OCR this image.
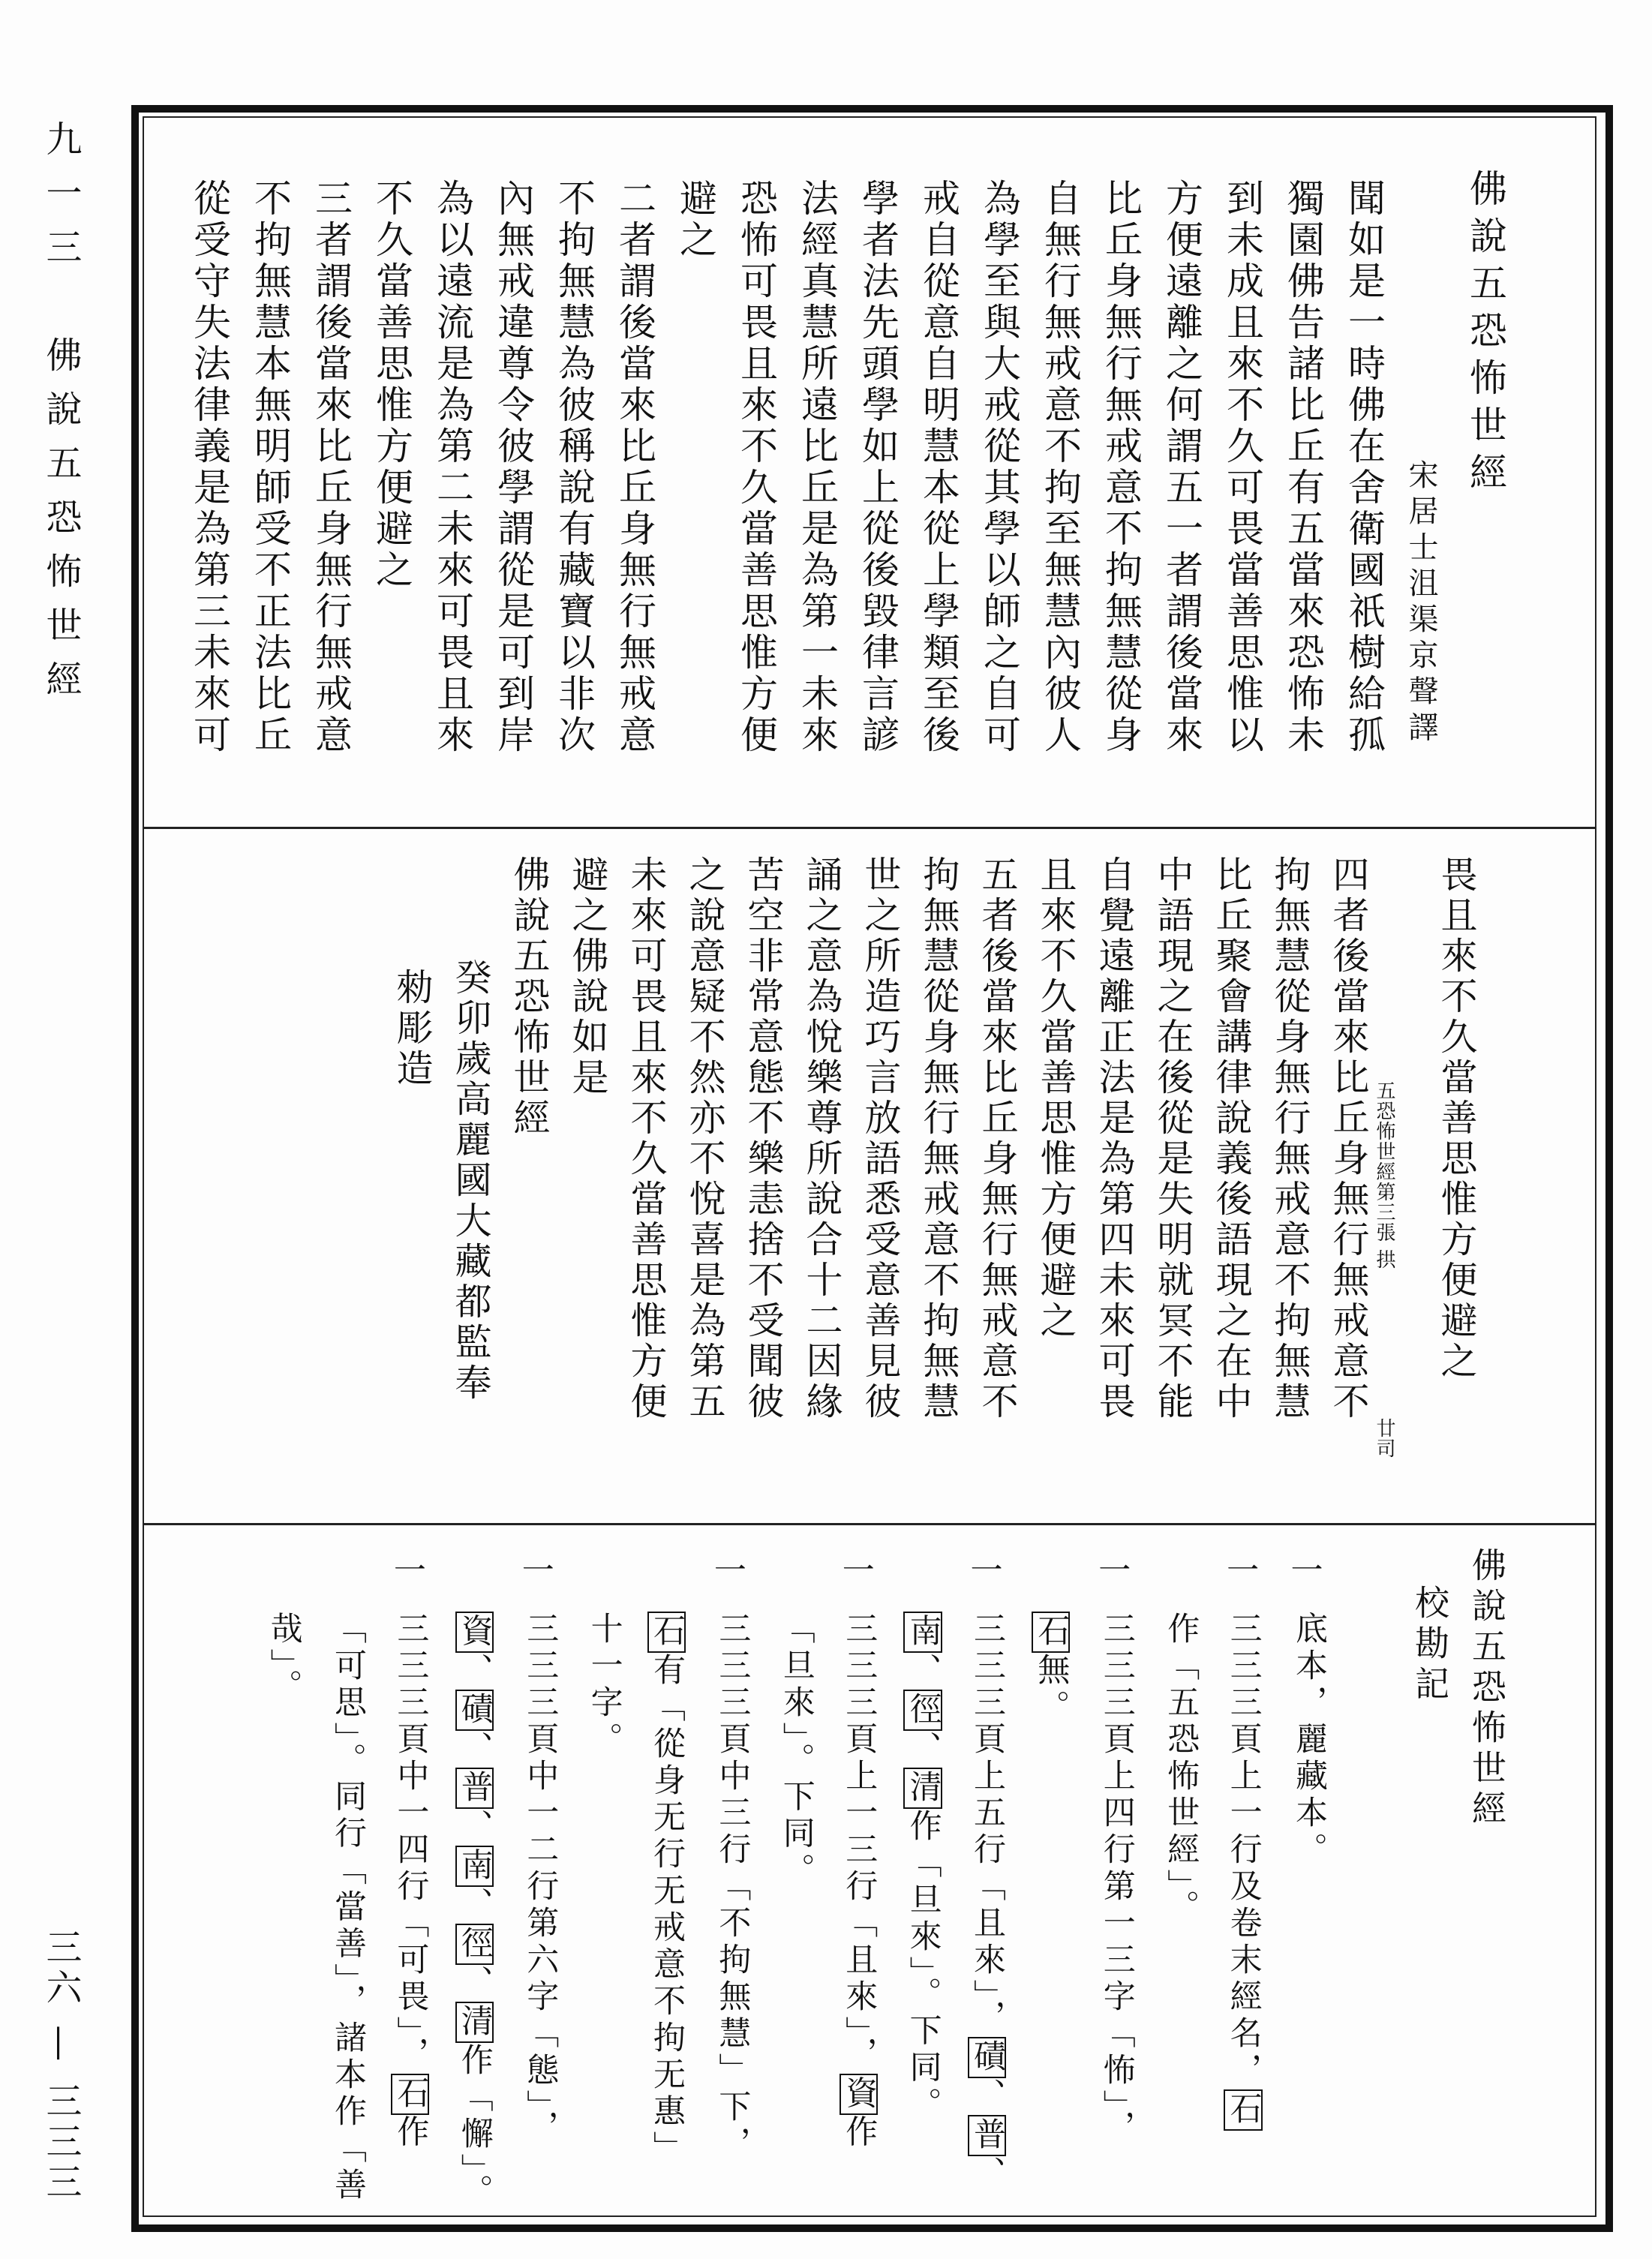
九一三　佛說五恐怖世經
三六 — 三三三
佛說五恐怖世經
宋居士沮渠京聲譯
聞如是一時佛在舍衛國祇樹給孤
獨園佛告諸比丘有五當來恐怖未
到未成且來不久可畏當善思惟以
方便遠離之何謂五一者謂後當來
比丘身無行無戒意不拘無慧從身
自無行無戒意不拘至無慧內彼人
為學至與大戒從其學以師之自可
戒自從意自明慧本從上學類至後
學者法先頭學如上從後毀律言諺
法經真慧所遠比丘是為第一未來
恐怖可畏且來不久當善思惟方便
避之
二者謂後當來比丘身無行無戒意
不拘無慧為彼稱說有藏寶以非次
內無戒違尊令彼學謂從是可到岸
為以遠流是為第二未來可畏且來
不久當善思惟方便避之
三者謂後當來比丘身無行無戒意
不拘無慧本無明師受不正法比丘
從受守失法律義是為第三未來可
五恐怖世經
第三張
拱
廿司
畏且來不久當善思惟方便避之
四者後當來比丘身無行無戒意不
拘無慧從身無行無戒意不拘無慧
比丘聚會講律說義後語現之在中
中語現之在後從是失明就冥不能
自覺遠離正法是為第四未來可畏
且來不久當善思惟方便避之
五者後當來比丘身無行無戒意不
拘無慧從身無行無戒意不拘無慧
世之所造巧言放語悉受意善見彼
誦之意為悅樂尊所說合十二因緣
苦空非常意態不樂恚捨不受聞彼
之說意疑不然亦不悅喜是為第五
未來可畏且來不久當善思惟方便
避之佛說如是
佛說五恐怖世經
癸卯歲高麗國大藏都監奉
勑彫造
佛說五恐怖世經
校勘記
一
底本，麗藏本。
一
三三三頁上一行及卷末經名，石
作「五恐怖世經」。
一
三三三頁上四行第一三字「怖」，
石無。
一
三三三頁上五行「且來」，磧、普、
南、徑、清作「旦來」。下同。
一
三三三頁上一三行「且來」，資作
「旦來」。下同。
一
三三三頁中三行「不拘無慧」下，
石有「從身无行无戒意不拘无惠」
十一字。
一
三三三頁中一二行第六字「態」，
資、磧、普、南、徑、清作「懈」。
一
三三三頁中一四行「可畏」，石作
「可思」。同行「當善」，諸本作「善
哉」。
